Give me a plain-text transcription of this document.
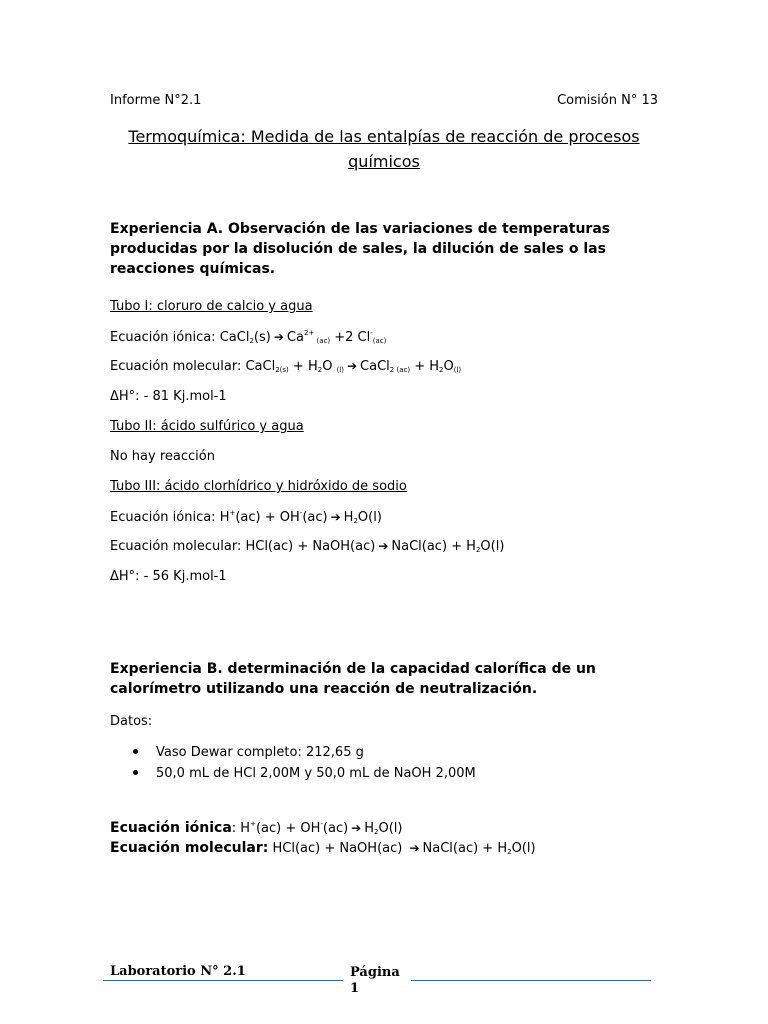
Informe N°2.1	Comisión N° 13
Termoquímica: Medida de las entalpías de reacción de procesos químicos
Experiencia A. Observación de las variaciones de temperaturas producidas por la disolución de sales, la dilución de sales o las reacciones químicas.
Tubo I: cloruro de calcio y agua
Ecuación iónica: CaCl$_2$(s) ➔ $Ca^{2+}$ $_{(ac)}$ +2 $Cl^-_{(ac)}$
Ecuación molecular: CaCl$_{2(s)}$ + $H_2O$ $_{(l)}$ ➔ CaCl$_{2 (ac)}$ + $H_2O_{(l)}$
ΔH°: - 81 Kj.mol-1
Tubo II: ácido sulfúrico y agua
No hay reacción
Tubo III: ácido clorhídrico y hidróxido de sodio
Ecuación iónica: H+(ac) + OH-(ac) ➔ $H_2O(l)$
Ecuación molecular: HCl(ac) + NaOH(ac) ➔ NaCl(ac) + $H_2O(l)$
ΔH°: - 56 Kj.mol-1
Experiencia B. determinación de la capacidad calorífica de un calorímetro utilizando una reacción de neutralización.
Datos:
Vaso Dewar completo: 212,65 g
50,0 mL de HCl 2,00M y 50,0 mL de NaOH 2,00M
Ecuación iónica: H+(ac) + OH-(ac) ➔ $H_2O(l)$
Ecuación molecular: HCl(ac) + NaOH(ac) ➔ NaCl(ac) + $H_2O(l)$
Laboratorio N° 2.1	Página
1
